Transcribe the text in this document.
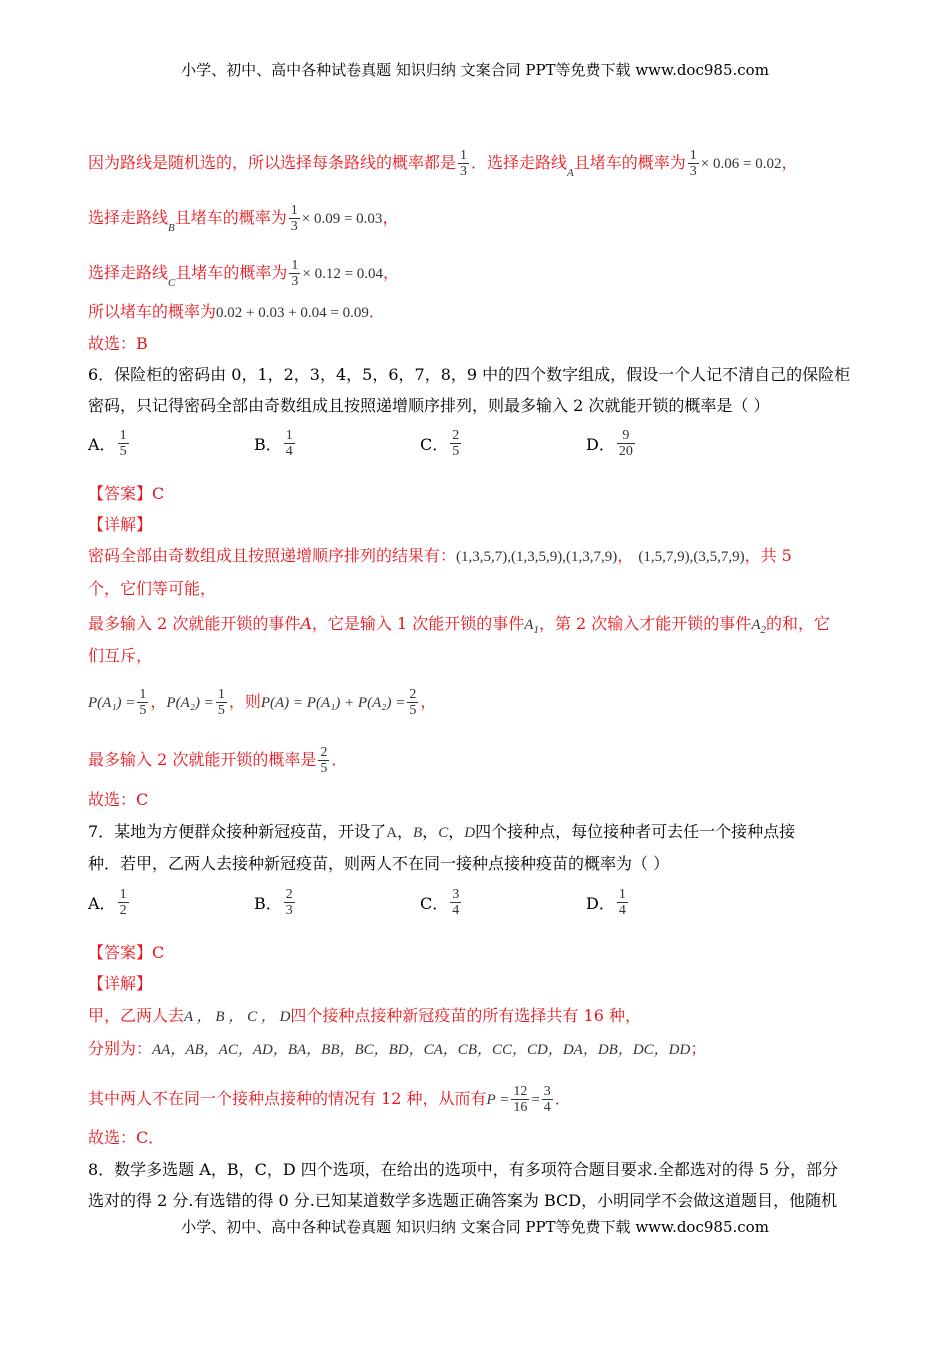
小学、初中、高中各种试卷真题 知识归纳 文案合同 PPT等免费下载 www.doc985.com
因为路线是随机选的，所以选择每条路线的概率都是 $\frac{1}{3}$ ．选择走路线$_A$且堵车的概率为 $\frac{1}{3} \times 0.06 = 0.02$，
选择走路线$_B$且堵车的概率为 $\frac{1}{3} \times 0.09 = 0.03$，
选择走路线$_C$且堵车的概率为 $\frac{1}{3} \times 0.12 = 0.04$，
所以堵车的概率为0.02 + 0.03 + 0.04 = 0.09．
故选：B
6．保险柜的密码由 0，1，2，3，4，5，6，7，8，9 中的四个数字组成，假设一个人记不清自己的保险柜
密码，只记得密码全部由奇数组成且按照递增顺序排列，则最多输入 2 次就能开锁的概率是（ ）
A． $\frac{1}{5}$	B． $\frac{1}{4}$	C． $\frac{2}{5}$	D． $\frac{9}{20}$
【答案】C
【详解】
密码全部由奇数组成且按照递增顺序排列的结果有：(1,3,5,7),(1,3,5,9),(1,3,7,9)， (1,5,7,9),(3,5,7,9)，共 5
个，它们等可能，
最多输入 2 次就能开锁的事件A，它是输入 1 次能开锁的事件$A_1$，第 2 次输入才能开锁的事件$A_2$的和，它
们互斥，
$P(A_1) = \frac{1}{5}$ ，$P(A_2) = \frac{1}{5}$ ，则$P(A) = P(A_1) + P(A_2) = \frac{2}{5}$ ，
最多输入 2 次就能开锁的概率是 $\frac{2}{5}$ ．
故选：C
7．某地为方便群众接种新冠疫苗，开设了A，B，C，D四个接种点，每位接种者可去任一个接种点接
种．若甲，乙两人去接种新冠疫苗，则两人不在同一接种点接种疫苗的概率为（ ）
A． $\frac{1}{2}$	B． $\frac{2}{3}$	C． $\frac{3}{4}$	D． $\frac{1}{4}$
【答案】C
【详解】
甲，乙两人去A ， B ， C ， D四个接种点接种新冠疫苗的所有选择共有 16 种，
分别为：AA，AB，AC，AD，BA，BB，BC，BD，CA，CB，CC，CD，DA，DB，DC，DD；
其中两人不在同一个接种点接种的情况有 12 种，从而有$P = \frac{12}{16} = \frac{3}{4}$ ．
故选：C．
8．数学多选题 A，B，C，D 四个选项，在给出的选项中，有多项符合题目要求.全都选对的得 5 分，部分
选对的得 2 分.有选错的得 0 分.已知某道数学多选题正确答案为 BCD，小明同学不会做这道题目，他随机
小学、初中、高中各种试卷真题 知识归纳 文案合同 PPT等免费下载 www.doc985.com
